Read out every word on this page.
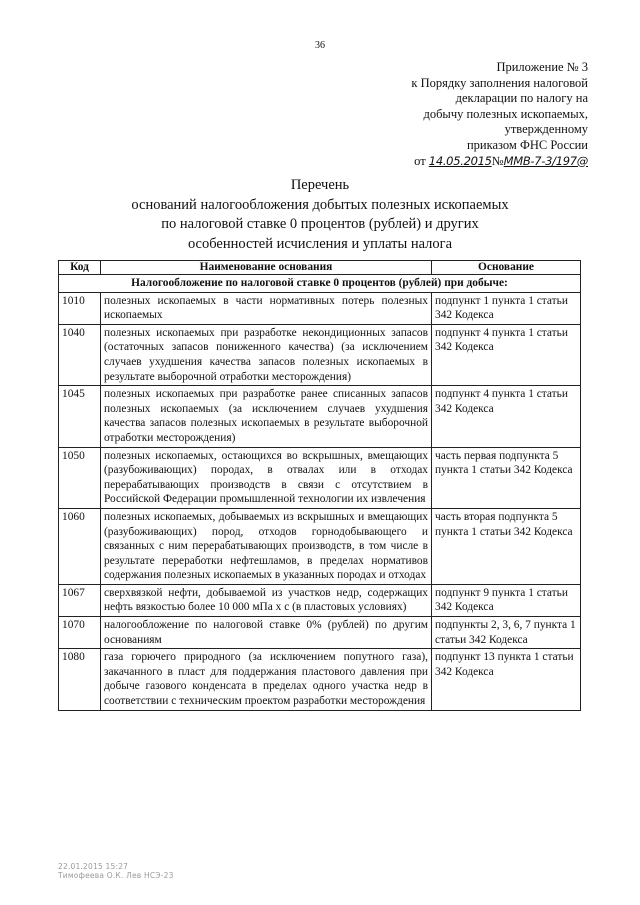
36
Приложение № 3
к Порядку заполнения налоговой
декларации по налогу на
добычу полезных ископаемых,
утвержденному
приказом ФНС России
от 14.05.2015№ММВ-7-3/197@
Перечень
оснований налогообложения добытых полезных ископаемых
по налоговой ставке 0 процентов (рублей) и других
особенностей исчисления и уплаты налога
Код	Наименование основания	Основание
Налогообложение по налоговой ставке 0 процентов (рублей) при добыче:		
1010	полезных ископаемых в части нормативных потерь полезных ископаемых	подпункт 1 пункта 1 статьи 342 Кодекса
1040	полезных ископаемых при разработке некондиционных запасов (остаточных запасов пониженного качества) (за исключением случаев ухудшения качества запасов полезных ископаемых в результате выборочной отработки месторождения)	подпункт 4 пункта 1 статьи 342 Кодекса
1045	полезных ископаемых при разработке ранее списанных запасов полезных ископаемых (за исключением случаев ухудшения качества запасов полезных ископаемых в результате выборочной отработки месторождения)	подпункт 4 пункта 1 статьи 342 Кодекса
1050	полезных ископаемых, остающихся во вскрышных, вмещающих (разубоживающих) породах, в отвалах или в отходах перерабатывающих производств в связи с отсутствием в Российской Федерации промышленной технологии их извлечения	часть первая подпункта 5 пункта 1 статьи 342 Кодекса
1060	полезных ископаемых, добываемых из вскрышных и вмещающих (разубоживающих) пород, отходов горнодобывающего и связанных с ним перерабатывающих производств, в том числе в результате переработки нефтешламов, в пределах нормативов содержания полезных ископаемых в указанных породах и отходах	часть вторая подпункта 5 пункта 1 статьи 342 Кодекса
1067	сверхвязкой нефти, добываемой из участков недр, содержащих нефть вязкостью более 10 000 мПа х с (в пластовых условиях)	подпункт 9 пункта 1 статьи 342 Кодекса
1070	налогообложение по налоговой ставке 0% (рублей) по другим основаниям	подпункты 2, 3, 6, 7 пункта 1 статьи 342 Кодекса
1080	газа горючего природного (за исключением попутного газа), закачанного в пласт для поддержания пластового давления при добыче газового конденсата в пределах одного участка недр в соответствии с техническим проектом разработки месторождения	подпункт 13 пункта 1 статьи 342 Кодекса
22.01.2015 15:27
Тимофеева О.К. Лев НСЭ-23
